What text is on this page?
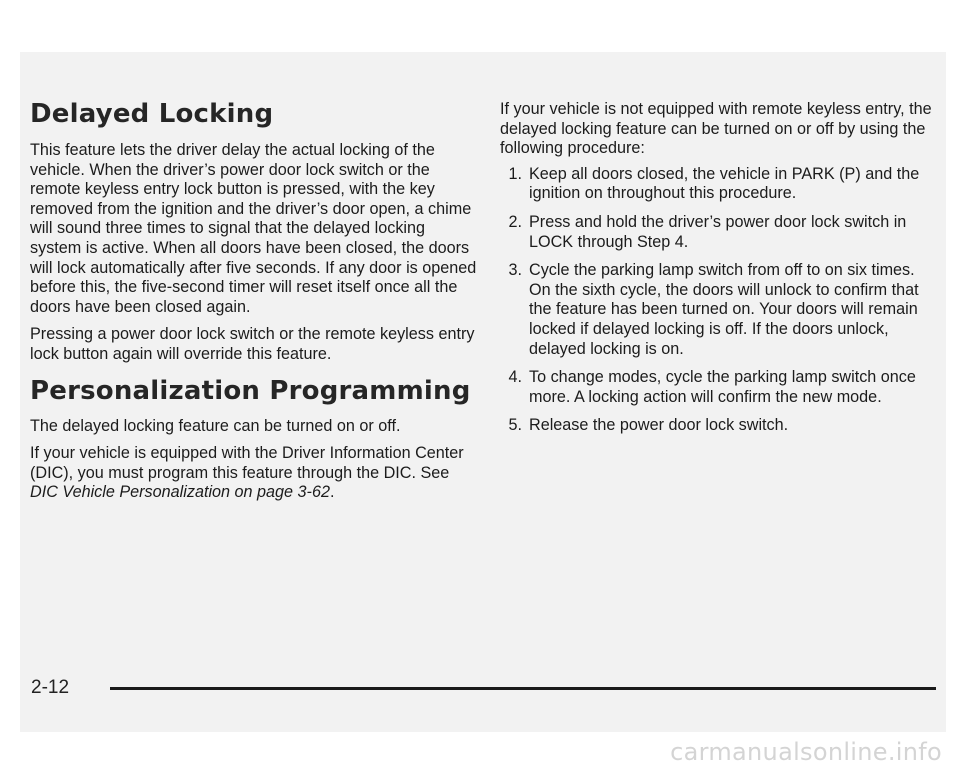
Delayed Locking

This feature lets the driver delay the actual locking of the vehicle. When the driver’s power door lock switch or the remote keyless entry lock button is pressed, with the key removed from the ignition and the driver’s door open, a chime will sound three times to signal that the delayed locking system is active. When all doors have been closed, the doors will lock automatically after five seconds. If any door is opened before this, the five-second timer will reset itself once all the doors have been closed again.

Pressing a power door lock switch or the remote keyless entry lock button again will override this feature.

Personalization Programming

The delayed locking feature can be turned on or off.

If your vehicle is equipped with the Driver Information Center (DIC), you must program this feature through the DIC. See DIC Vehicle Personalization on page 3-62.

If your vehicle is not equipped with remote keyless entry, the delayed locking feature can be turned on or off by using the following procedure:

1. Keep all doors closed, the vehicle in PARK (P) and the ignition on throughout this procedure.
2. Press and hold the driver’s power door lock switch in LOCK through Step 4.
3. Cycle the parking lamp switch from off to on six times. On the sixth cycle, the doors will unlock to confirm that the feature has been turned on. Your doors will remain locked if delayed locking is off. If the doors unlock, delayed locking is on.
4. To change modes, cycle the parking lamp switch once more. A locking action will confirm the new mode.
5. Release the power door lock switch.
2-12
carmanualsonline.info
